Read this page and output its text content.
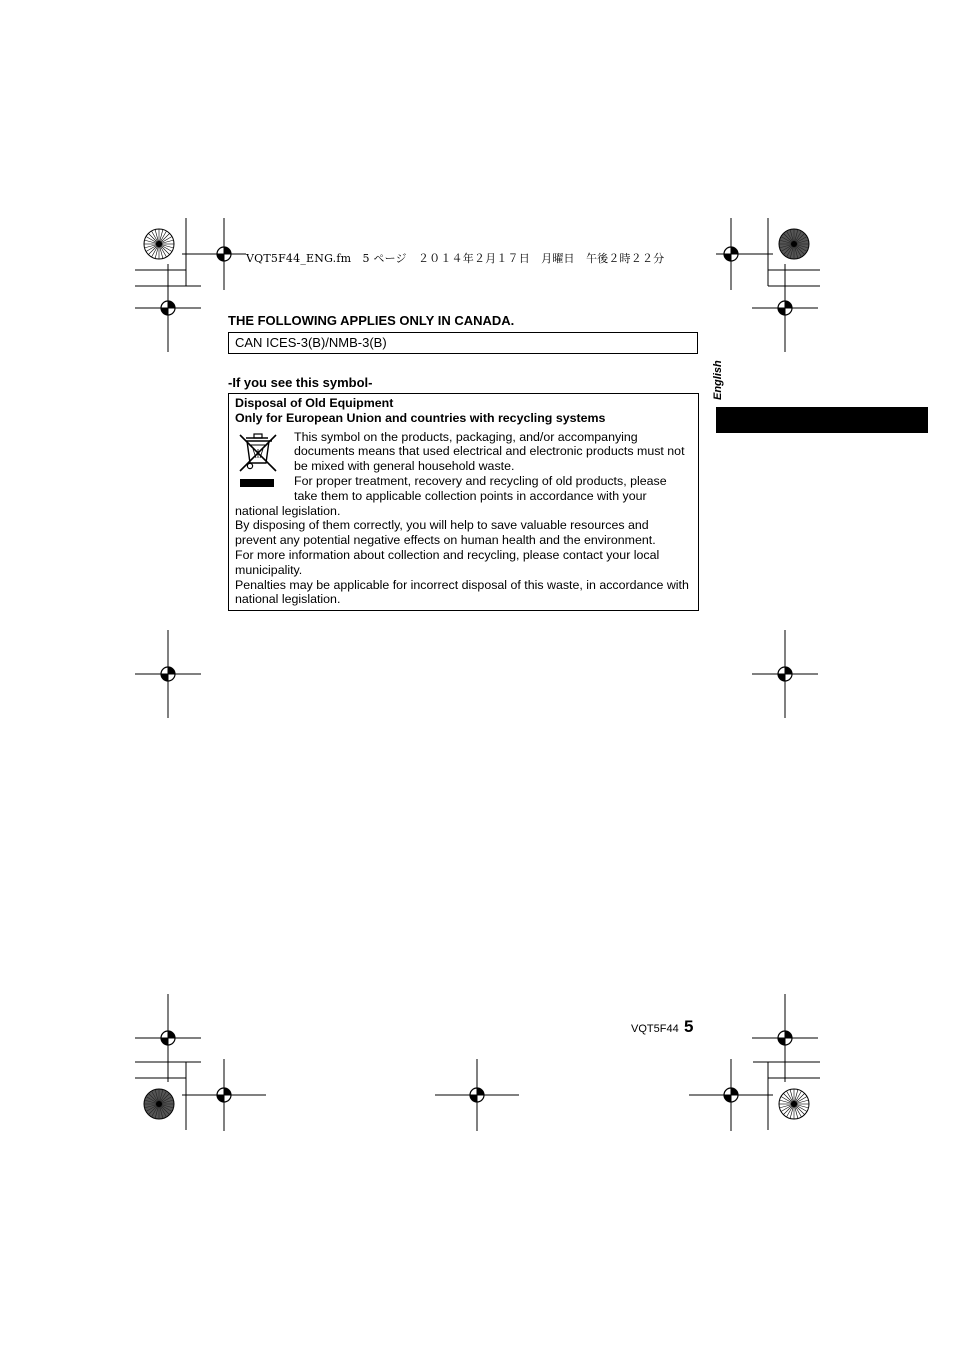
VQT5F44_ENG.fm　5 ページ　２０１４年２月１７日　月曜日　午後２時２２分
THE FOLLOWING APPLIES ONLY IN CANADA.
CAN ICES-3(B)/NMB-3(B)
-If you see this symbol-
Disposal of Old Equipment
Only for European Union and countries with recycling systems

This symbol on the products, packaging, and/or accompanying documents means that used electrical and electronic products must not be mixed with general household waste.

For proper treatment, recovery and recycling of old products, please take them to applicable collection points in accordance with your national legislation.

By disposing of them correctly, you will help to save valuable resources and prevent any potential negative effects on human health and the environment.

For more information about collection and recycling, please contact your local municipality.

Penalties may be applicable for incorrect disposal of this waste, in accordance with national legislation.

English
VQT5F44 5
